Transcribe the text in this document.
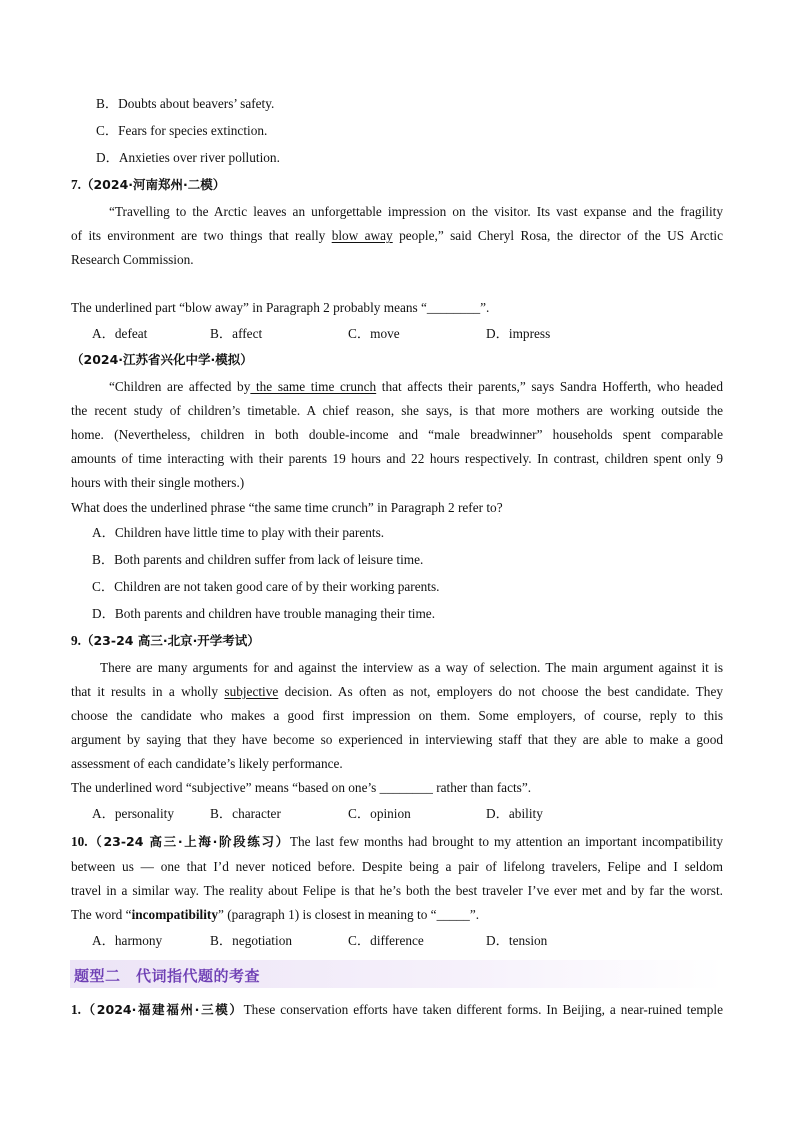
B．Doubts about beavers’ safety.
C．Fears for species extinction.
D．Anxieties over river pollution.
7.（2024·河南郑州·二模）
“Travelling to the Arctic leaves an unforgettable impression on the visitor. Its vast expanse and the fragility
of its environment are two things that really blow away people,” said Cheryl Rosa, the director of the US Arctic
Research Commission.
The underlined part “blow away” in Paragraph 2 probably means “________”.
A．defeat	B．affect	C．move	D．impress
（2024·江苏省兴化中学·模拟）
“Children are affected by the same time crunch that affects their parents,” says Sandra Hofferth, who headed
the recent study of children’s timetable. A chief reason, she says, is that more mothers are working outside the
home. (Nevertheless, children in both double-income and “male breadwinner” households spent comparable
amounts of time interacting with their parents 19 hours and 22 hours respectively. In contrast, children spent only 9
hours with their single mothers.)
What does the underlined phrase “the same time crunch” in Paragraph 2 refer to?
A．Children have little time to play with their parents.
B．Both parents and children suffer from lack of leisure time.
C．Children are not taken good care of by their working parents.
D．Both parents and children have trouble managing their time.
9.（23-24 高三·北京·开学考试）
There are many arguments for and against the interview as a way of selection. The main argument against it is
that it results in a wholly subjective decision. As often as not, employers do not choose the best candidate. They
choose the candidate who makes a good first impression on them. Some employers, of course, reply to this
argument by saying that they have become so experienced in interviewing staff that they are able to make a good
assessment of each candidate’s likely performance.
The underlined word “subjective” means “based on one’s ________ rather than facts”.
A．personality	B．character	C．opinion	D．ability
10.（23-24 高三·上海·阶段练习）The last few months had brought to my attention an important incompatibility
between us — one that I’d never noticed before. Despite being a pair of lifelong travelers, Felipe and I seldom
travel in a similar way. The reality about Felipe is that he’s both the best traveler I’ve ever met and by far the worst.
The word “incompatibility” (paragraph 1) is closest in meaning to “_____”.
A．harmony	B．negotiation	C．difference	D．tension
题型二　代词指代题的考查
1.（2024·福建福州·三模）These conservation efforts have taken different forms. In Beijing, a near-ruined temple
